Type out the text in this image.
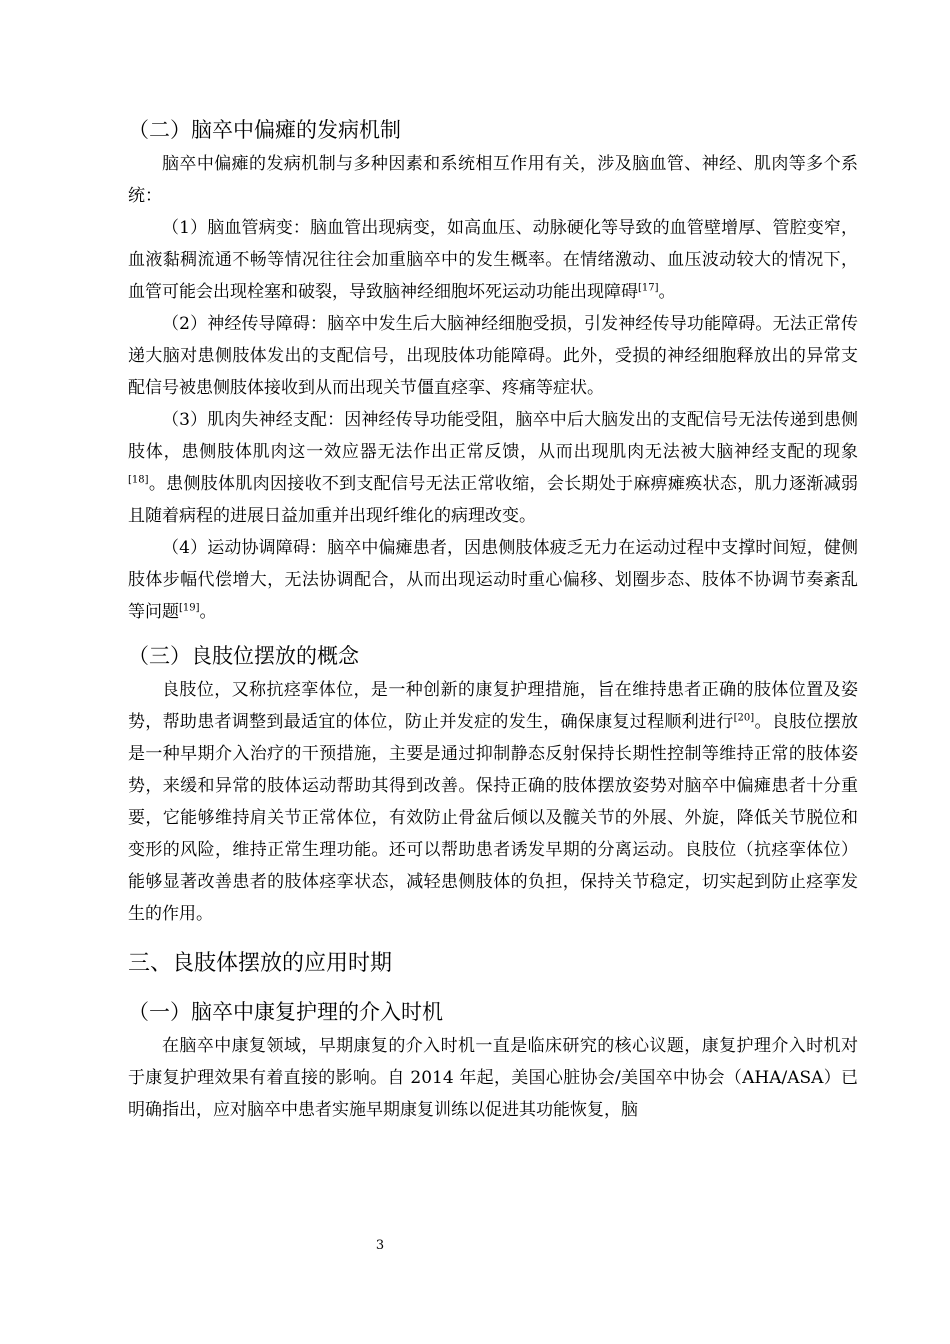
（二）脑卒中偏瘫的发病机制

脑卒中偏瘫的发病机制与多种因素和系统相互作用有关，涉及脑血管、神经、肌肉等多个系统：

（1）脑血管病变：脑血管出现病变，如高血压、动脉硬化等导致的血管壁增厚、管腔变窄，血液黏稠流通不畅等情况往往会加重脑卒中的发生概率。在情绪激动、血压波动较大的情况下，血管可能会出现栓塞和破裂，导致脑神经细胞坏死运动功能出现障碍[17]。

（2）神经传导障碍：脑卒中发生后大脑神经细胞受损，引发神经传导功能障碍。无法正常传递大脑对患侧肢体发出的支配信号，出现肢体功能障碍。此外，受损的神经细胞释放出的异常支配信号被患侧肢体接收到从而出现关节僵直痉挛、疼痛等症状。

（3）肌肉失神经支配：因神经传导功能受阻，脑卒中后大脑发出的支配信号无法传递到患侧肢体，患侧肢体肌肉这一效应器无法作出正常反馈，从而出现肌肉无法被大脑神经支配的现象[18]。患侧肢体肌肉因接收不到支配信号无法正常收缩，会长期处于麻痹瘫痪状态，肌力逐渐减弱且随着病程的进展日益加重并出现纤维化的病理改变。

（4）运动协调障碍：脑卒中偏瘫患者，因患侧肢体疲乏无力在运动过程中支撑时间短，健侧肢体步幅代偿增大，无法协调配合，从而出现运动时重心偏移、划圈步态、肢体不协调节奏紊乱等问题[19]。

（三）良肢位摆放的概念

良肢位，又称抗痉挛体位，是一种创新的康复护理措施，旨在维持患者正确的肢体位置及姿势，帮助患者调整到最适宜的体位，防止并发症的发生，确保康复过程顺利进行[20]。良肢位摆放是一种早期介入治疗的干预措施，主要是通过抑制静态反射保持长期性控制等维持正常的肢体姿势，来缓和异常的肢体运动帮助其得到改善。保持正确的肢体摆放姿势对脑卒中偏瘫患者十分重要，它能够维持肩关节正常体位，有效防止骨盆后倾以及髋关节的外展、外旋，降低关节脱位和变形的风险，维持正常生理功能。还可以帮助患者诱发早期的分离运动。良肢位（抗痉挛体位）能够显著改善患者的肢体痉挛状态，减轻患侧肢体的负担，保持关节稳定，切实起到防止痉挛发生的作用。

三、良肢体摆放的应用时期
（一）脑卒中康复护理的介入时机

在脑卒中康复领域，早期康复的介入时机一直是临床研究的核心议题，康复护理介入时机对于康复护理效果有着直接的影响。自 2014 年起，美国心脏协会/美国卒中协会（AHA/ASA）已明确指出，应对脑卒中患者实施早期康复训练以促进其功能恢复，脑

3
